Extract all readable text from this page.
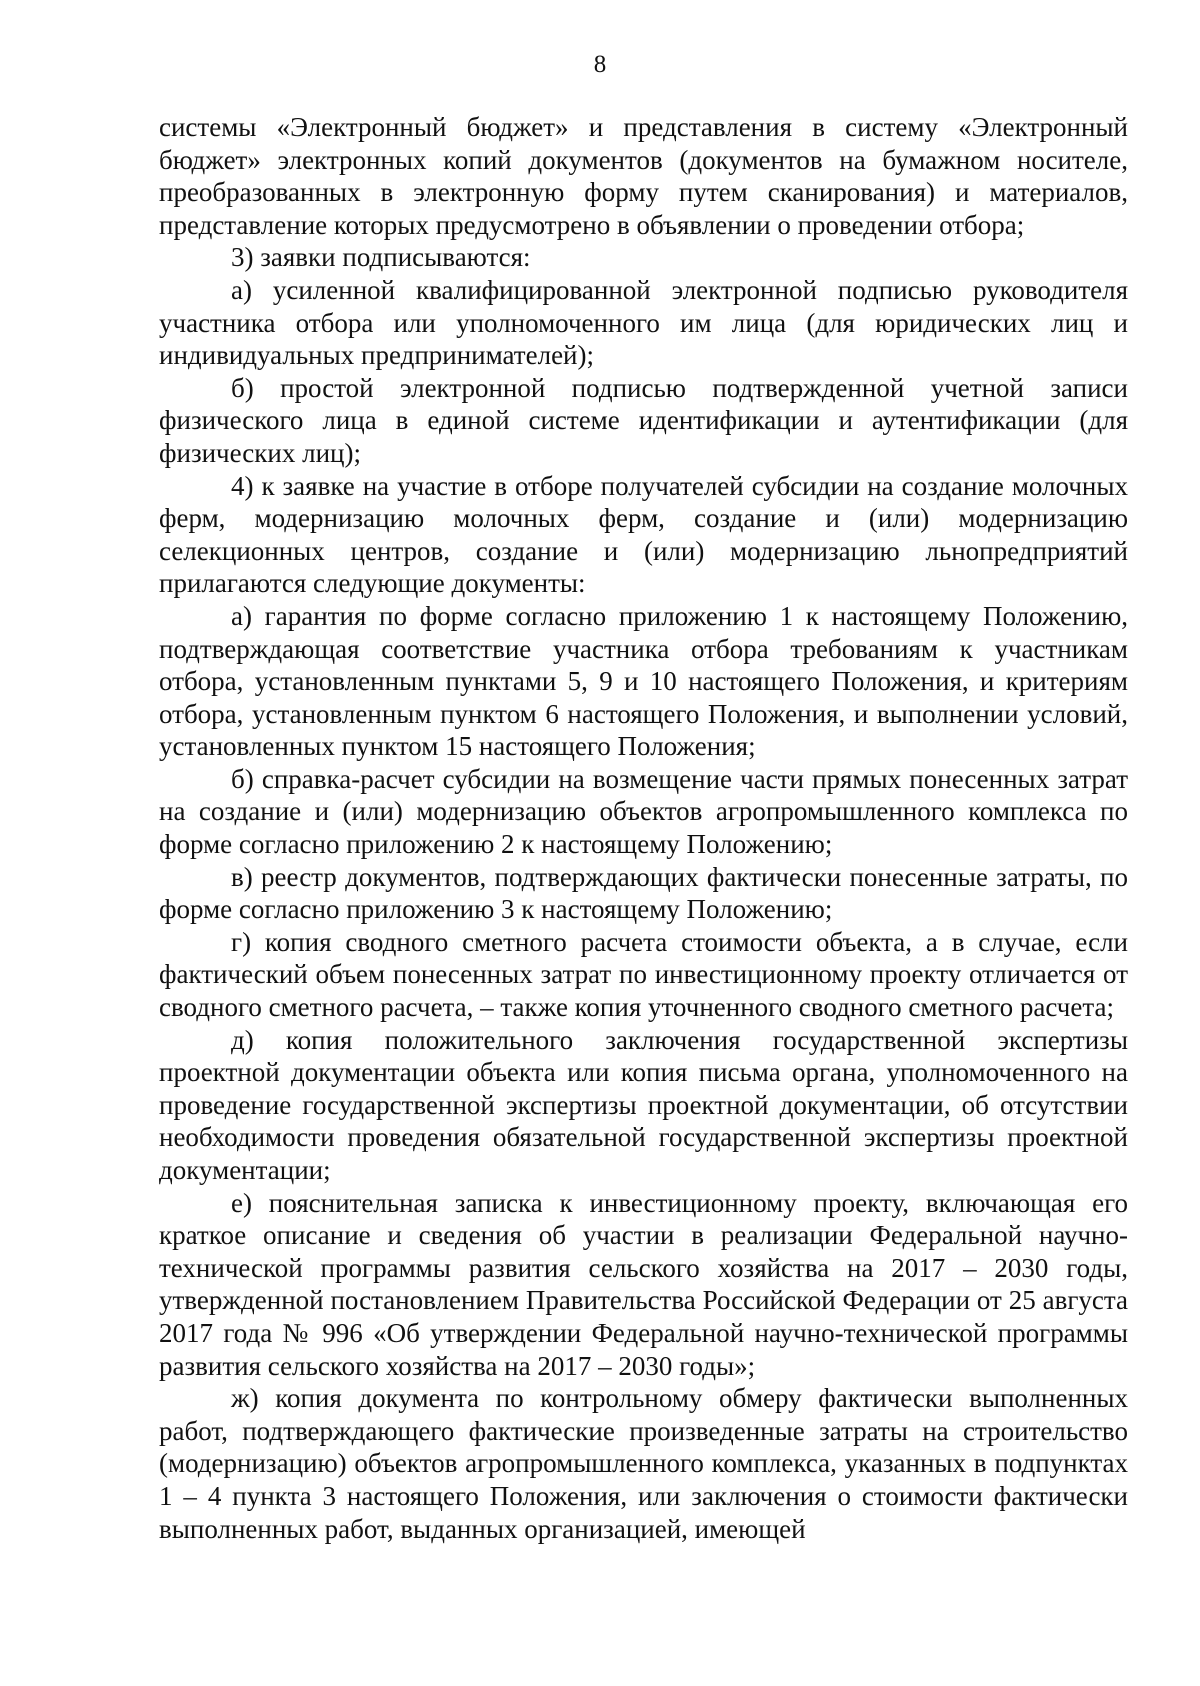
8

системы «Электронный бюджет» и представления в систему «Электронный бюджет» электронных копий документов (документов на бумажном носителе, преобразованных в электронную форму путем сканирования) и материалов, представление которых предусмотрено в объявлении о проведении отбора;

3) заявки подписываются:

а) усиленной квалифицированной электронной подписью руководителя участника отбора или уполномоченного им лица (для юридических лиц и индивидуальных предпринимателей);

б) простой электронной подписью подтвержденной учетной записи физического лица в единой системе идентификации и аутентификации (для физических лиц);

4) к заявке на участие в отборе получателей субсидии на создание молочных ферм, модернизацию молочных ферм, создание и (или) модернизацию селекционных центров, создание и (или) модернизацию льнопредприятий прилагаются следующие документы:

а) гарантия по форме согласно приложению 1 к настоящему Положению, подтверждающая соответствие участника отбора требованиям к участникам отбора, установленным пунктами 5, 9 и 10 настоящего Положения, и критериям отбора, установленным пунктом 6 настоящего Положения, и выполнении условий, установленных пунктом 15 настоящего Положения;

б) справка-расчет субсидии на возмещение части прямых понесенных затрат на создание и (или) модернизацию объектов агропромышленного комплекса по форме согласно приложению 2 к настоящему Положению;

в) реестр документов, подтверждающих фактически понесенные затраты, по форме согласно приложению 3 к настоящему Положению;

г) копия сводного сметного расчета стоимости объекта, а в случае, если фактический объем понесенных затрат по инвестиционному проекту отличается от сводного сметного расчета, – также копия уточненного сводного сметного расчета;

д) копия положительного заключения государственной экспертизы проектной документации объекта или копия письма органа, уполномоченного на проведение государственной экспертизы проектной документации, об отсутствии необходимости проведения обязательной государственной экспертизы проектной документации;

е) пояснительная записка к инвестиционному проекту, включающая его краткое описание и сведения об участии в реализации Федеральной научно-технической программы развития сельского хозяйства на 2017 – 2030 годы, утвержденной постановлением Правительства Российской Федерации от 25 августа 2017 года № 996 «Об утверждении Федеральной научно-технической программы развития сельского хозяйства на 2017 – 2030 годы»;

ж) копия документа по контрольному обмеру фактически выполненных работ, подтверждающего фактические произведенные затраты на строительство (модернизацию) объектов агропромышленного комплекса, указанных в подпунктах 1 – 4 пункта 3 настоящего Положения, или заключения о стоимости фактически выполненных работ, выданных организацией, имеющей
